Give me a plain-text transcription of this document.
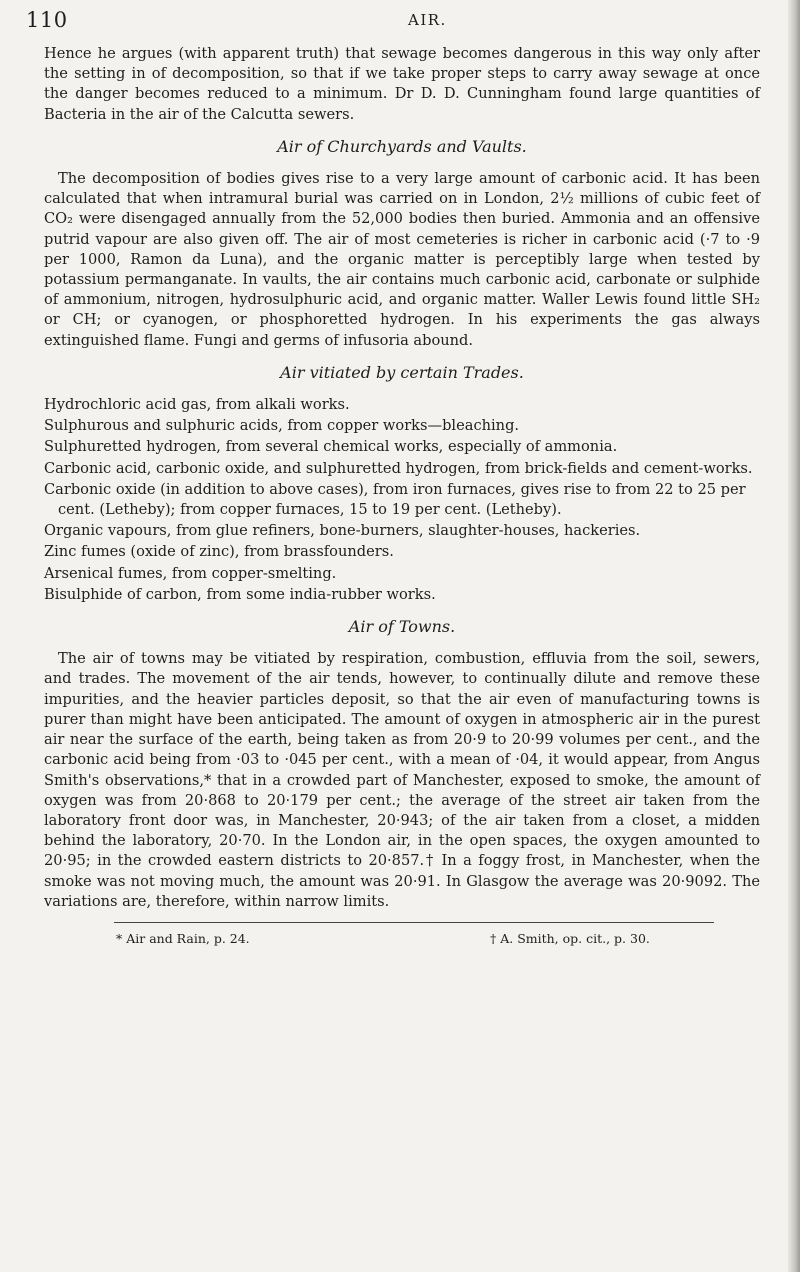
110	AIR.

Hence he argues (with apparent truth) that sewage becomes dangerous in this way only after the setting in of decomposition, so that if we take proper steps to carry away sewage at once the danger becomes reduced to a minimum. Dr D. D. Cunningham found large quantities of Bacteria in the air of the Calcutta sewers.

Air of Churchyards and Vaults.

The decomposition of bodies gives rise to a very large amount of carbonic acid. It has been calculated that when intramural burial was carried on in London, 2½ millions of cubic feet of CO₂ were disengaged annually from the 52,000 bodies then buried. Ammonia and an offensive putrid vapour are also given off. The air of most cemeteries is richer in carbonic acid (·7 to ·9 per 1000, Ramon da Luna), and the organic matter is perceptibly large when tested by potassium permanganate. In vaults, the air contains much carbonic acid, carbonate or sulphide of ammonium, nitrogen, hydrosulphuric acid, and organic matter. Waller Lewis found little SH₂ or CH; or cyanogen, or phosphoretted hydrogen. In his experiments the gas always extinguished flame. Fungi and germs of infusoria abound.

Air vitiated by certain Trades.

Hydrochloric acid gas, from alkali works.

Sulphurous and sulphuric acids, from copper works—bleaching.

Sulphuretted hydrogen, from several chemical works, especially of ammonia.

Carbonic acid, carbonic oxide, and sulphuretted hydrogen, from brick-fields and cement-works.

Carbonic oxide (in addition to above cases), from iron furnaces, gives rise to from 22 to 25 per cent. (Letheby); from copper furnaces, 15 to 19 per cent. (Letheby).

Organic vapours, from glue refiners, bone-burners, slaughter-houses, hackeries.

Zinc fumes (oxide of zinc), from brassfounders.

Arsenical fumes, from copper-smelting.

Bisulphide of carbon, from some india-rubber works.

Air of Towns.

The air of towns may be vitiated by respiration, combustion, effluvia from the soil, sewers, and trades. The movement of the air tends, however, to continually dilute and remove these impurities, and the heavier particles deposit, so that the air even of manufacturing towns is purer than might have been anticipated. The amount of oxygen in atmospheric air in the purest air near the surface of the earth, being taken as from 20·9 to 20·99 volumes per cent., and the carbonic acid being from ·03 to ·045 per cent., with a mean of ·04, it would appear, from Angus Smith's observations,* that in a crowded part of Manchester, exposed to smoke, the amount of oxygen was from 20·868 to 20·179 per cent.; the average of the street air taken from the laboratory front door was, in Manchester, 20·943; of the air taken from a closet, a midden behind the laboratory, 20·70. In the London air, in the open spaces, the oxygen amounted to 20·95; in the crowded eastern districts to 20·857.† In a foggy frost, in Manchester, when the smoke was not moving much, the amount was 20·91. In Glasgow the average was 20·9092. The variations are, therefore, within narrow limits.

* Air and Rain, p. 24.	† A. Smith, op. cit., p. 30.
